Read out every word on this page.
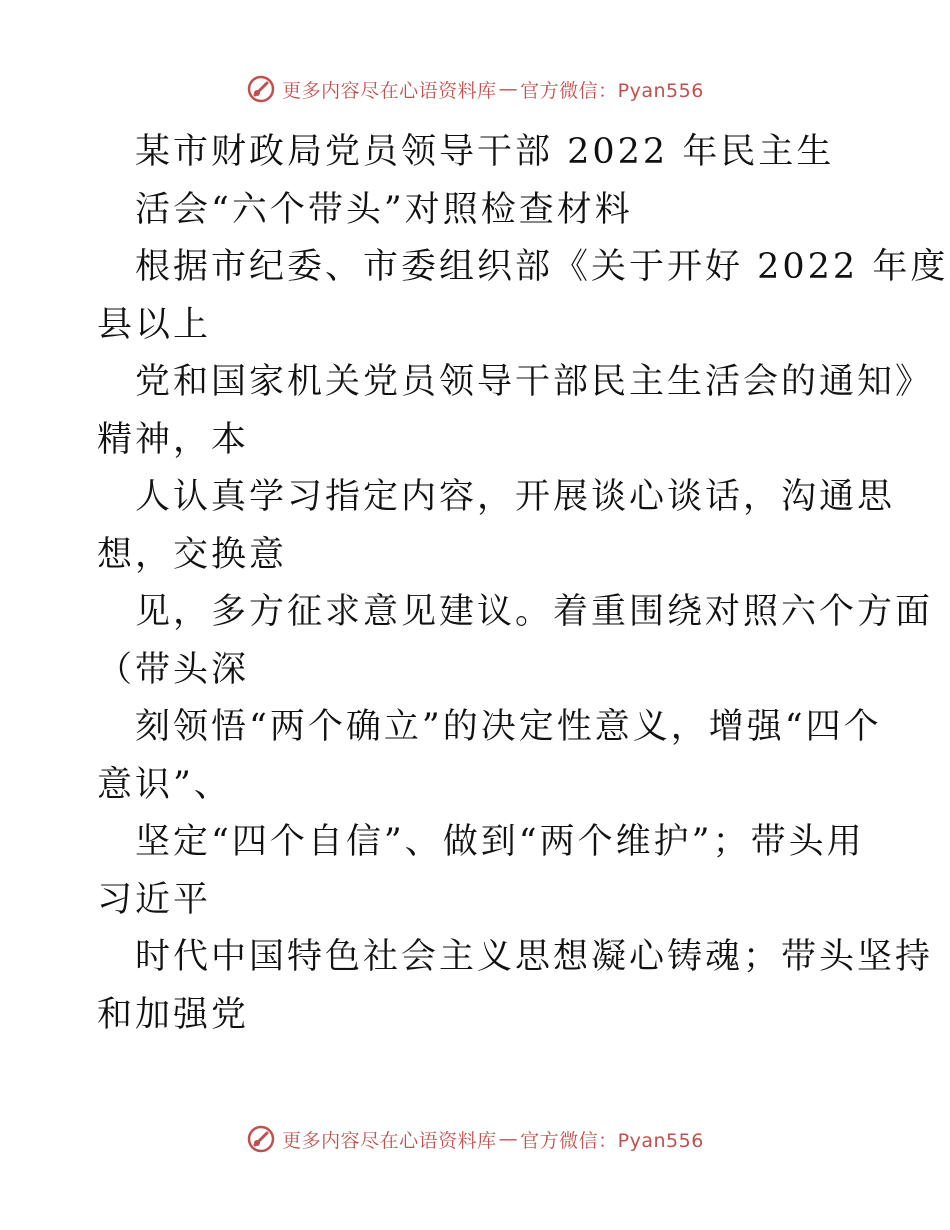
更多内容尽在心语资料库 — 官方微信：Pyan556
某市财政局党员领导干部 2022 年民主生
活会“六个带头”对照检查材料
根据市纪委、市委组织部《关于开好 2022 年度
县以上
党和国家机关党员领导干部民主生活会的通知》
精神，本
人认真学习指定内容，开展谈心谈话，沟通思
想，交换意
见，多方征求意见建议。着重围绕对照六个方面
（带头深
刻领悟“两个确立”的决定性意义，增强“四个
意识”、
坚定“四个自信”、做到“两个维护”；带头用
习近平
时代中国特色社会主义思想凝心铸魂；带头坚持
和加强党
更多内容尽在心语资料库 — 官方微信：Pyan556
